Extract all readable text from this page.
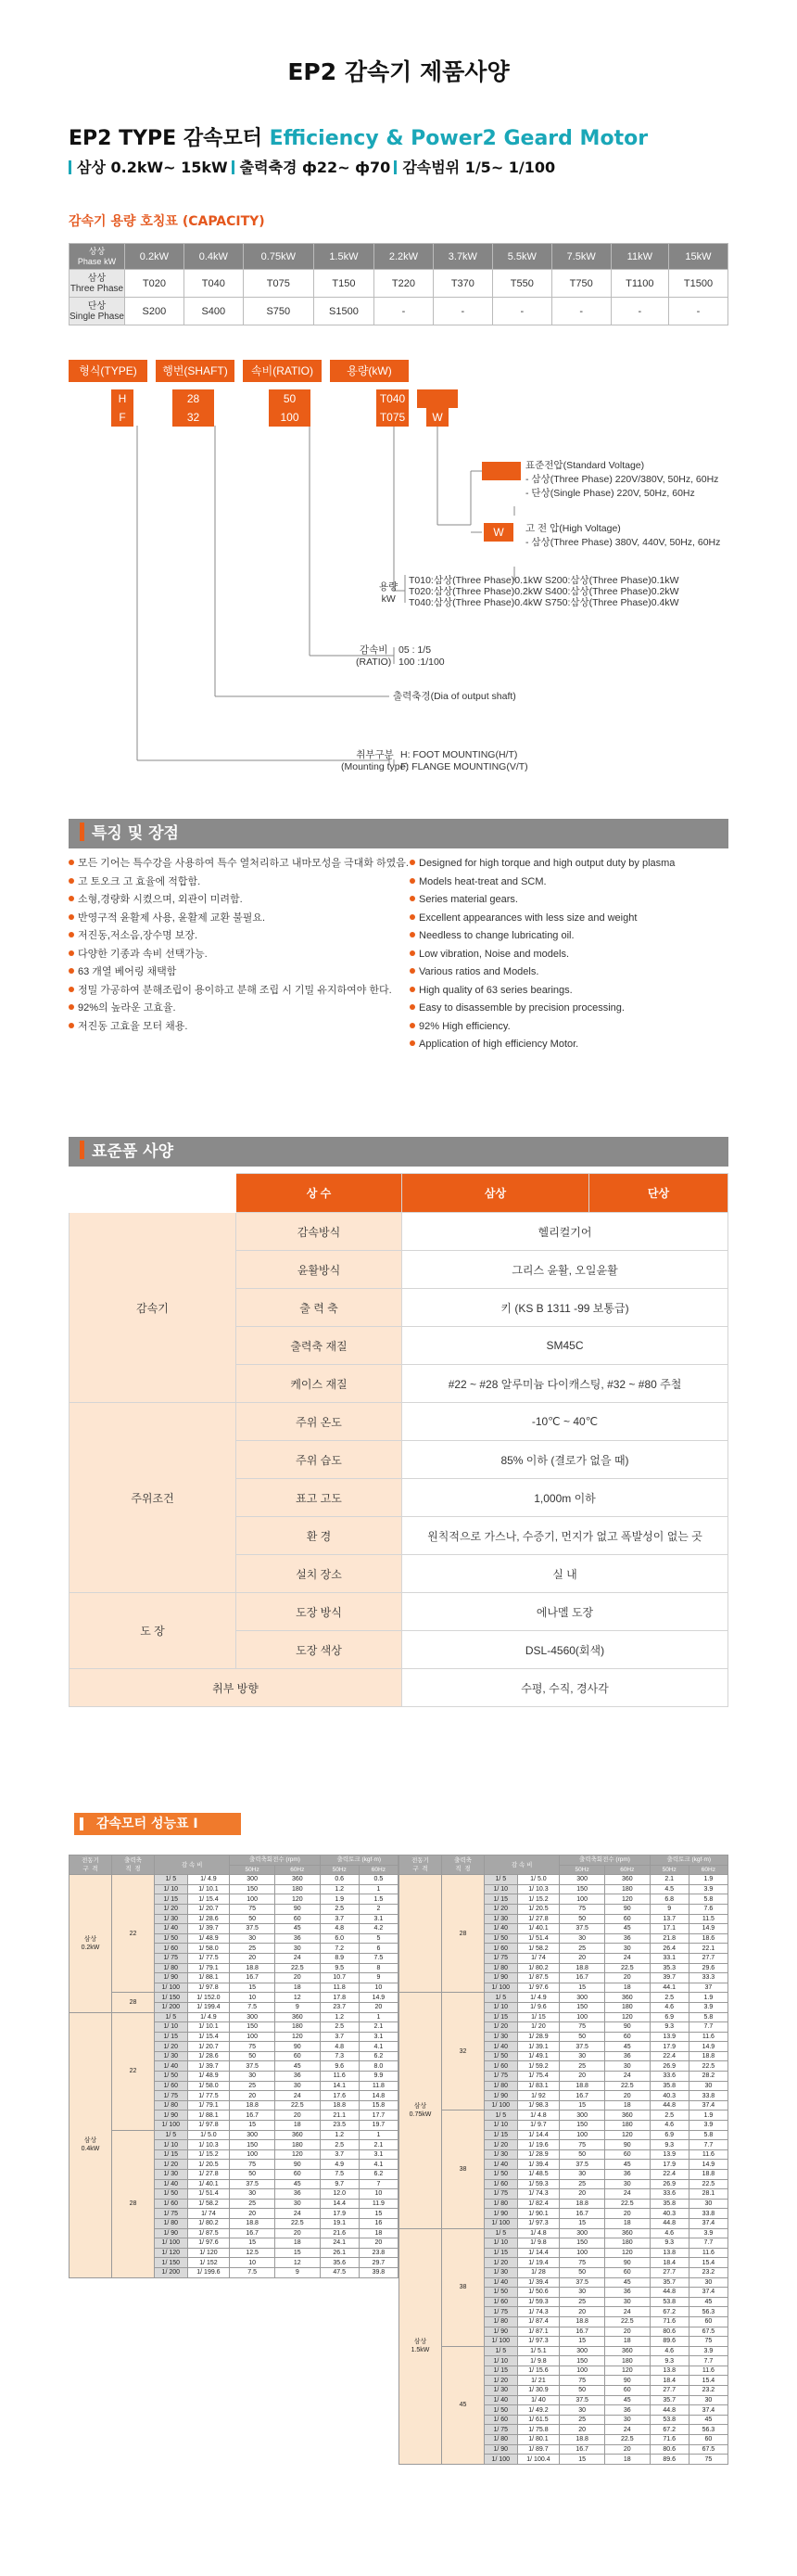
EP2 감속기 제품사양
EP2 TYPE 감속모터 Efficiency & Power2 Geard Motor
삼상 0.2kW~ 15kW 출력축경 ф22~ ф70 감속범위 1/5~ 1/100
감속기 용량 호칭표 (CAPACITY)
상상
Phase kW	0.2kW	0.4kW	0.75kW	1.5kW	2.2kW	3.7kW	5.5kW	7.5kW	11kW	15kW
삼상
Three Phase	T020	T040	T075	T150	T220	T370	T550	T750	T1100	T1500
단상
Single Phase	S200	S400	S750	S1500	-	-	-	-	-	-
형식(TYPE)	행번(SHAFT)	속비(RATIO)	용량(kW)
H	28	50	T040
F	32	100	T075	W
표준전압(Standard Voltage)
- 삼상(Three Phase) 220V/380V, 50Hz, 60Hz
- 단상(Single Phase) 220V, 50Hz, 60Hz
W	고 전 압(High Voltage)
- 삼상(Three Phase) 380V, 440V, 50Hz, 60Hz
용량
kW
T010:삼상(Three Phase)0.1kW S200:삼상(Three Phase)0.1kW
T020:삼상(Three Phase)0.2kW S400:삼상(Three Phase)0.2kW
T040:삼상(Three Phase)0.4kW S750:삼상(Three Phase)0.4kW
감속비
(RATIO)
05 : 1/5
100 :1/100
출력축경(Dia of output shaft)
취부구분
(Mounting type)
H: FOOT MOUNTING(H/T)
F: FLANGE MOUNTING(V/T)
특징 및 장점
모든 기어는 특수강을 사용하여 특수 열처리하고 내마모성을 극대화 하였음.
고 토오크 고 효율에 적합함.
소형,경량화 시켰으며, 외관이 미려함.
반영구적 윤활제 사용, 윤활제 교환 불필요.
저진동,저소음,장수명 보장.
다양한 기종과 속비 선택가능.
63 개열 베어링 채택함
정밀 가공하여 분해조립이 용이하고 분해 조립 시 기밀 유지하여야 한다.
92%의 높라운 고효율.
저진동 고효율 모터 채용.
Designed for high torque and high output duty by plasma
Models heat-treat and SCM.
Series material gears.
Excellent appearances with less size and weight
Needless to change lubricating oil.
Low vibration, Noise and models.
Various ratios and Models.
High quality of 63 series bearings.
Easy to disassemble by precision processing.
92% High efficiency.
Application of high efficiency Motor.
표준품 사양
	상 수	삼상	단상
감속기	감속방식	헬리컬기어	
	윤활방식	그리스 윤활, 오일윤활	
	출 력 축	키 (KS B 1311 -99 보통급)	
	출력축 재질	SM45C	
	케이스 재질	#22 ~ #28 알루미늄 다이캐스팅, #32 ~ #80 주철	
주위조건	주위 온도	-10℃ ~ 40℃	
	주위 습도	85% 이하 (결로가 없을 때)	
	표고 고도	1,000m 이하	
	환 경	원칙적으로 가스나, 수증기, 먼지가 없고 폭발성이 없는 곳	
	설치 장소	실 내	
도 장	도장 방식	에나멜 도장	
	도장 색상	DSL-4560(회색)	
취부 방향		수평, 수직, 경사각	
감속모터 성능표 Ⅰ
전동기
구  격	출력축
직  경	감 속 비		출력축회전수 (rpm)		출력토크 (kgf·m)	
				50Hz	60Hz	50Hz	60Hz
삼상
0.2kW	22	1/ 5	1/ 4.9	300	360	0.6	0.5
		1/ 10	1/ 10.1	150	180	1.2	1
		1/ 15	1/ 15.4	100	120	1.9	1.5
		1/ 20	1/ 20.7	75	90	2.5	2
		1/ 30	1/ 28.6	50	60	3.7	3.1
		1/ 40	1/ 39.7	37.5	45	4.8	4.2
		1/ 50	1/ 48.9	30	36	6.0	5
		1/ 60	1/ 58.0	25	30	7.2	6
		1/ 75	1/ 77.5	20	24	8.9	7.5
		1/ 80	1/ 79.1	18.8	22.5	9.5	8
		1/ 90	1/ 88.1	16.7	20	10.7	9
		1/ 100	1/ 97.8	15	18	11.8	10
	28	1/ 150	1/ 152.0	10	12	17.8	14.9
		1/ 200	1/ 199.4	7.5	9	23.7	20
삼상
0.4kW	22	1/ 5	1/ 4.9	300	360	1.2	1
		1/ 10	1/ 10.1	150	180	2.5	2.1
		1/ 15	1/ 15.4	100	120	3.7	3.1
		1/ 20	1/ 20.7	75	90	4.8	4.1
		1/ 30	1/ 28.6	50	60	7.3	6.2
		1/ 40	1/ 39.7	37.5	45	9.6	8.0
		1/ 50	1/ 48.9	30	36	11.6	9.9
		1/ 60	1/ 58.0	25	30	14.1	11.8
		1/ 75	1/ 77.5	20	24	17.6	14.8
		1/ 80	1/ 79.1	18.8	22.5	18.8	15.8
		1/ 90	1/ 88.1	16.7	20	21.1	17.7
		1/ 100	1/ 97.8	15	18	23.5	19.7
	28	1/ 5	1/ 5.0	300	360	1.2	1
		1/ 10	1/ 10.3	150	180	2.5	2.1
		1/ 15	1/ 15.2	100	120	3.7	3.1
		1/ 20	1/ 20.5	75	90	4.9	4.1
		1/ 30	1/ 27.8	50	60	7.5	6.2
		1/ 40	1/ 40.1	37.5	45	9.7	7
		1/ 50	1/ 51.4	30	36	12.0	10
		1/ 60	1/ 58.2	25	30	14.4	11.9
		1/ 75	1/ 74	20	24	17.9	15
		1/ 80	1/ 80.2	18.8	22.5	19.1	16
		1/ 90	1/ 87.5	16.7	20	21.6	18
		1/ 100	1/ 97.6	15	18	24.1	20
		1/ 120	1/ 120	12.5	15	26.1	23.8
		1/ 150	1/ 152	10	12	35.6	29.7
		1/ 200	1/ 199.6	7.5	9	47.5	39.8
전동기
구  격	출력축
직  경	감 속 비		출력축회전수 (rpm)		출력토크 (kgf·m)	
				50Hz	60Hz	50Hz	60Hz
	28	1/ 5	1/ 5.0	300	360	2.1	1.9
		1/ 10	1/ 10.3	150	180	4.5	3.9
		1/ 15	1/ 15.2	100	120	6.8	5.8
		1/ 20	1/ 20.5	75	90	9	7.6
		1/ 30	1/ 27.8	50	60	13.7	11.5
		1/ 40	1/ 40.1	37.5	45	17.1	14.9
		1/ 50	1/ 51.4	30	36	21.8	18.6
		1/ 60	1/ 58.2	25	30	26.4	22.1
		1/ 75	1/ 74	20	24	33.1	27.7
		1/ 80	1/ 80.2	18.8	22.5	35.3	29.6
		1/ 90	1/ 87.5	16.7	20	39.7	33.3
		1/ 100	1/ 97.6	15	18	44.1	37
삼상
0.75kW	32	1/ 5	1/ 4.9	300	360	2.5	1.9
		1/ 10	1/ 9.6	150	180	4.6	3.9
		1/ 15	1/ 15	100	120	6.9	5.8
		1/ 20	1/ 20	75	90	9.3	7.7
		1/ 30	1/ 28.9	50	60	13.9	11.6
		1/ 40	1/ 39.1	37.5	45	17.9	14.9
		1/ 50	1/ 49.1	30	36	22.4	18.8
		1/ 60	1/ 59.2	25	30	26.9	22.5
		1/ 75	1/ 75.4	20	24	33.6	28.2
		1/ 80	1/ 83.1	18.8	22.5	35.8	30
		1/ 90	1/ 92	16.7	20	40.3	33.8
		1/ 100	1/ 98.3	15	18	44.8	37.4
	38	1/ 5	1/ 4.8	300	360	2.5	1.9
		1/ 10	1/ 9.7	150	180	4.6	3.9
		1/ 15	1/ 14.4	100	120	6.9	5.8
		1/ 20	1/ 19.6	75	90	9.3	7.7
		1/ 30	1/ 28.9	50	60	13.9	11.6
		1/ 40	1/ 39.4	37.5	45	17.9	14.9
		1/ 50	1/ 48.5	30	36	22.4	18.8
		1/ 60	1/ 59.3	25	30	26.9	22.5
		1/ 75	1/ 74.3	20	24	33.6	28.1
		1/ 80	1/ 82.4	18.8	22.5	35.8	30
		1/ 90	1/ 90.1	16.7	20	40.3	33.8
		1/ 100	1/ 97.3	15	18	44.8	37.4
삼상
1.5kW	38	1/ 5	1/ 4.8	300	360	4.6	3.9
		1/ 10	1/ 9.8	150	180	9.3	7.7
		1/ 15	1/ 14.4	100	120	13.8	11.6
		1/ 20	1/ 19.4	75	90	18.4	15.4
		1/ 30	1/ 28	50	60	27.7	23.2
		1/ 40	1/ 39.4	37.5	45	35.7	30
		1/ 50	1/ 50.6	30	36	44.8	37.4
		1/ 60	1/ 59.3	25	30	53.8	45
		1/ 75	1/ 74.3	20	24	67.2	56.3
		1/ 80	1/ 87.4	18.8	22.5	71.6	60
		1/ 90	1/ 87.1	16.7	20	80.6	67.5
		1/ 100	1/ 97.3	15	18	89.6	75
	45	1/ 5	1/ 5.1	300	360	4.6	3.9
		1/ 10	1/ 9.8	150	180	9.3	7.7
		1/ 15	1/ 15.6	100	120	13.8	11.6
		1/ 20	1/ 21	75	90	18.4	15.4
		1/ 30	1/ 30.9	50	60	27.7	23.2
		1/ 40	1/ 40	37.5	45	35.7	30
		1/ 50	1/ 49.2	30	36	44.8	37.4
		1/ 60	1/ 61.5	25	30	53.8	45
		1/ 75	1/ 75.8	20	24	67.2	56.3
		1/ 80	1/ 80.1	18.8	22.5	71.6	60
		1/ 90	1/ 89.7	16.7	20	80.6	67.5
		1/ 100	1/ 100.4	15	18	89.6	75
